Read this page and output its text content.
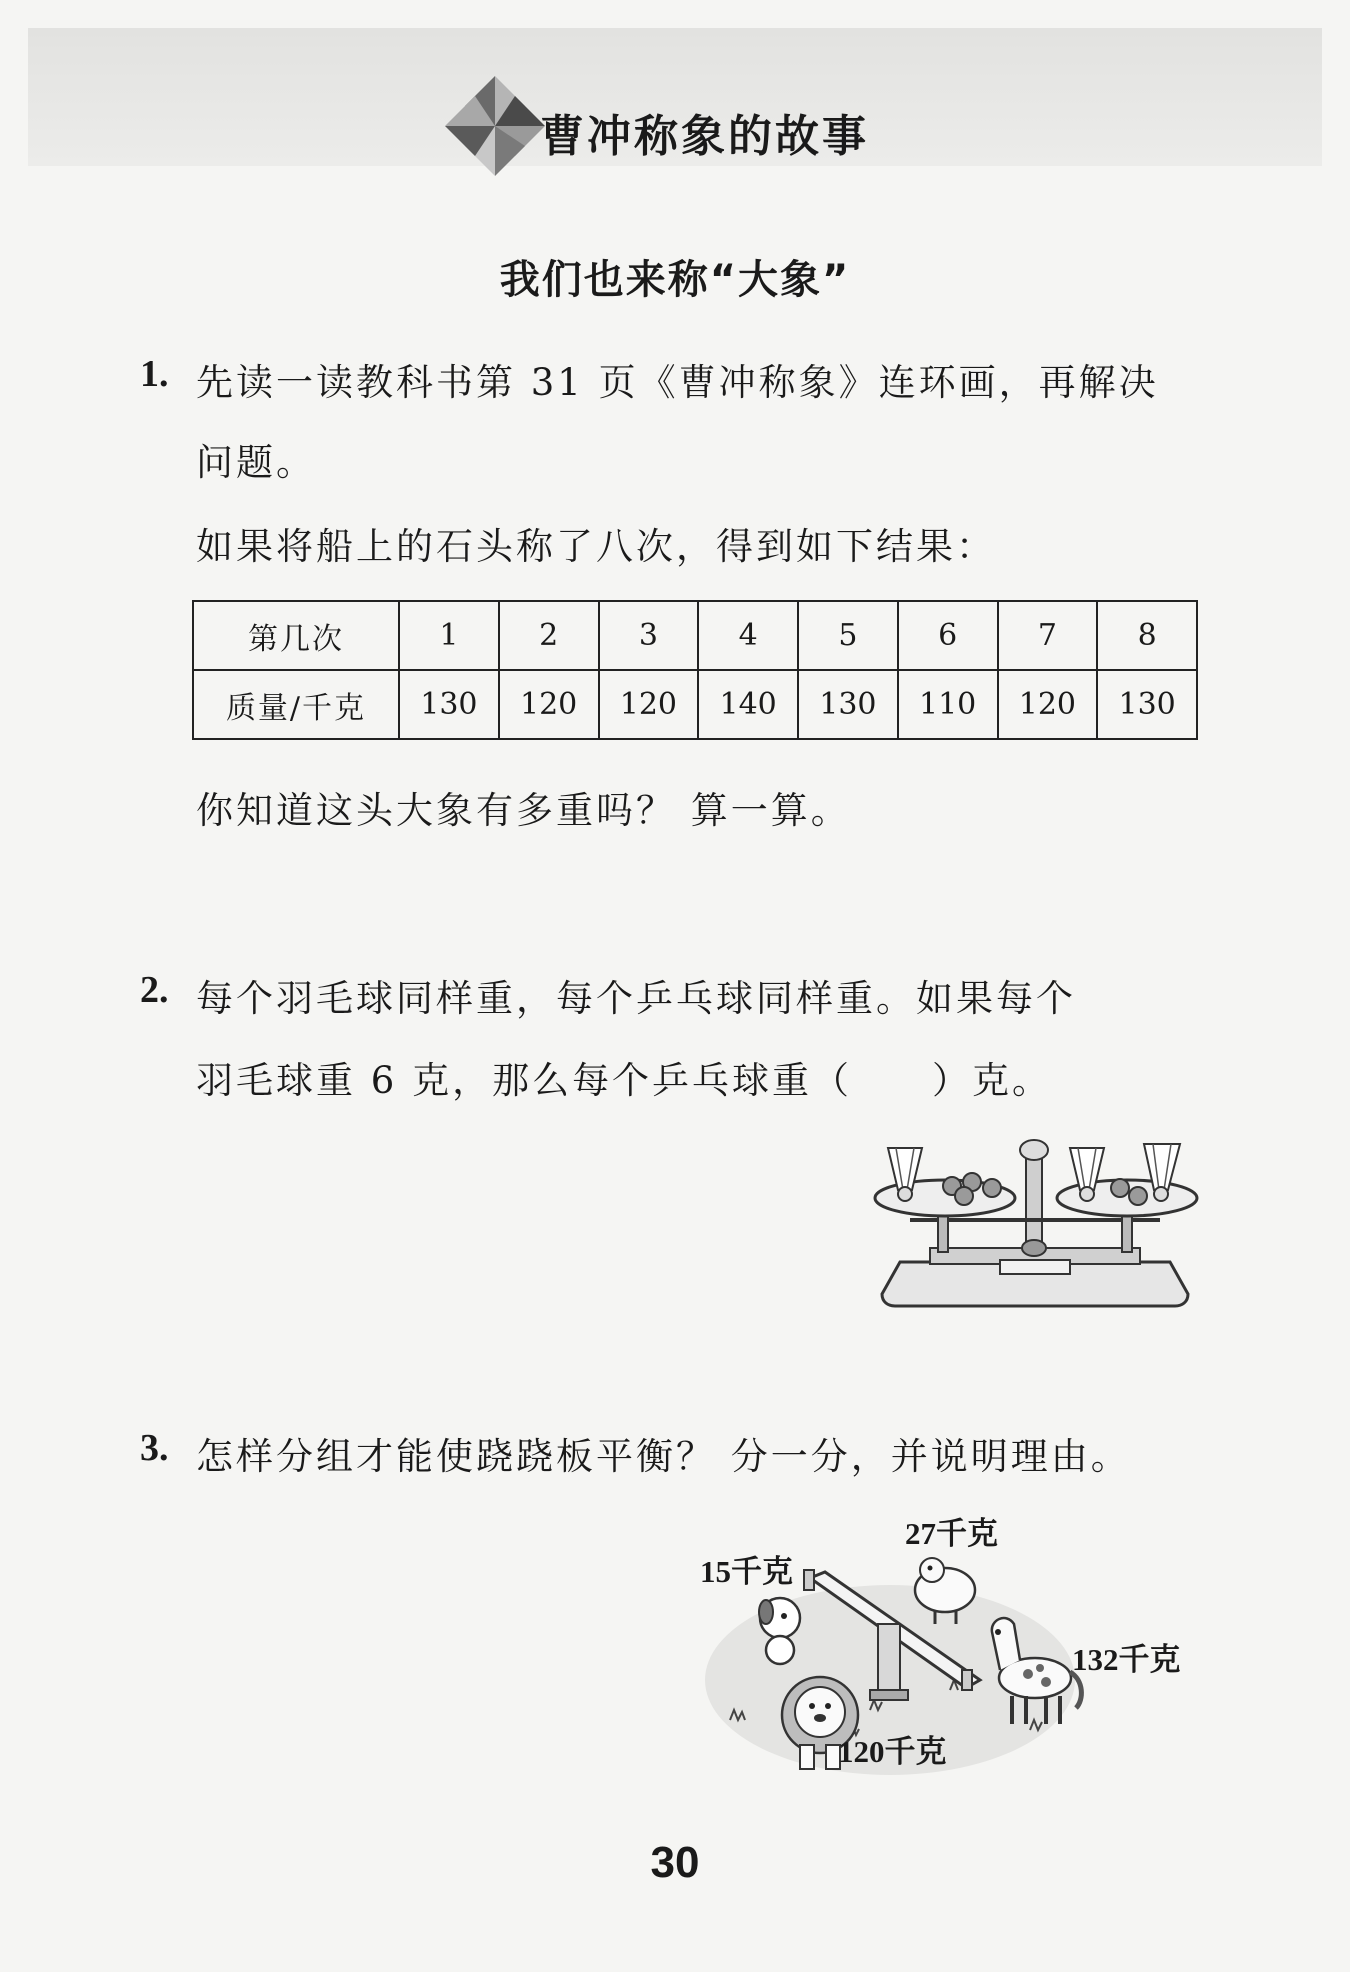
曹冲称象的故事
我们也来称“大象”
1. 先读一读教科书第 31 页《曹冲称象》连环画，再解决
问题。
如果将船上的石头称了八次，得到如下结果：
第几次	1	2	3	4	5	6	7	8
质量/千克	130	120	120	140	130	110	120	130
你知道这头大象有多重吗？ 算一算。
2. 每个羽毛球同样重，每个乒乓球同样重。如果每个
羽毛球重 6 克，那么每个乒乓球重（　　）克。
3. 怎样分组才能使跷跷板平衡？ 分一分，并说明理由。
15千克
27千克
132千克
120千克
30
